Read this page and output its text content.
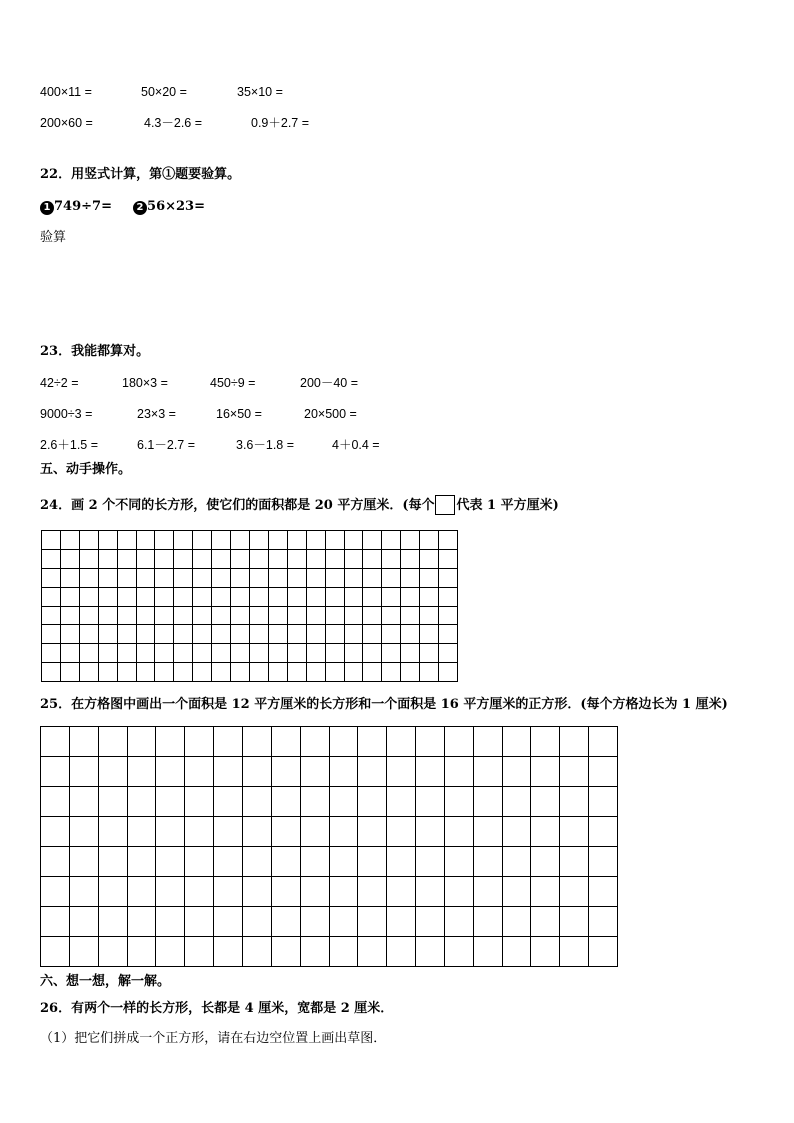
400×11 =	50×20 =	35×10 =
200×60 =	4.3－2.6 =	0.9＋2.7 =
22．用竖式计算，第①题要验算。
1 749÷7= 2 56×23=
验算
23．我能都算对。
42÷2 =	180×3 =	450÷9 =	200－40 =
9000÷3 =	23×3 =	16×50 =	20×500 =
2.6＋1.5 =	6.1－2.7 =	3.6－1.8 =	4＋0.4 =
五、动手操作。
24．画 2 个不同的长方形，使它们的面积都是 20 平方厘米．(每个 代表 1 平方厘米)
25．在方格图中画出一个面积是 12 平方厘米的长方形和一个面积是 16 平方厘米的正方形．(每个方格边长为 1 厘米)
六、想一想，解一解。
26．有两个一样的长方形，长都是 4 厘米，宽都是 2 厘米．
（1）把它们拼成一个正方形，请在右边空位置上画出草图．
